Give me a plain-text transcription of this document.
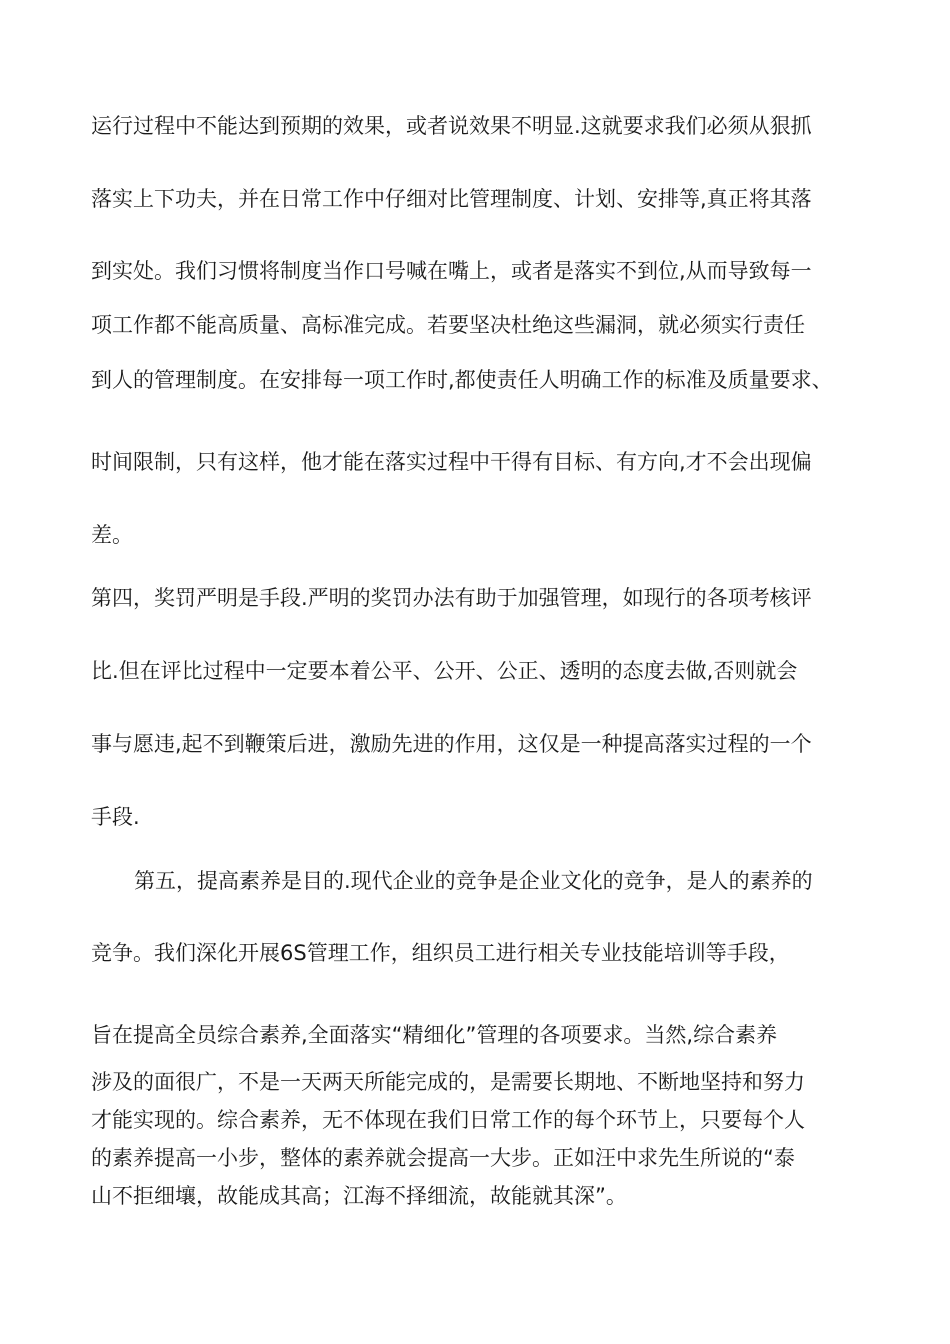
运行过程中不能达到预期的效果，或者说效果不明显.这就要求我们必须从狠抓

落实上下功夫，并在日常工作中仔细对比管理制度、计划、安排等,真正将其落

到实处。我们习惯将制度当作口号喊在嘴上，或者是落实不到位,从而导致每一

项工作都不能高质量、高标准完成。若要坚决杜绝这些漏洞，就必须实行责任

到人的管理制度。在安排每一项工作时,都使责任人明确工作的标准及质量要求、

时间限制，只有这样，他才能在落实过程中干得有目标、有方向,才不会出现偏

差。

第四，奖罚严明是手段.严明的奖罚办法有助于加强管理，如现行的各项考核评

比.但在评比过程中一定要本着公平、公开、公正、透明的态度去做,否则就会

事与愿违,起不到鞭策后进，激励先进的作用，这仅是一种提高落实过程的一个

手段.

第五，提高素养是目的.现代企业的竞争是企业文化的竞争，是人的素养的

竞争。我们深化开展6S管理工作，组织员工进行相关专业技能培训等手段，

旨在提高全员综合素养,全面落实“精细化”管理的各项要求。当然,综合素养

涉及的面很广，不是一天两天所能完成的，是需要长期地、不断地坚持和努力

才能实现的。综合素养，无不体现在我们日常工作的每个环节上，只要每个人

的素养提高一小步，整体的素养就会提高一大步。正如汪中求先生所说的“泰

山不拒细壤，故能成其高；江海不择细流，故能就其深”。
